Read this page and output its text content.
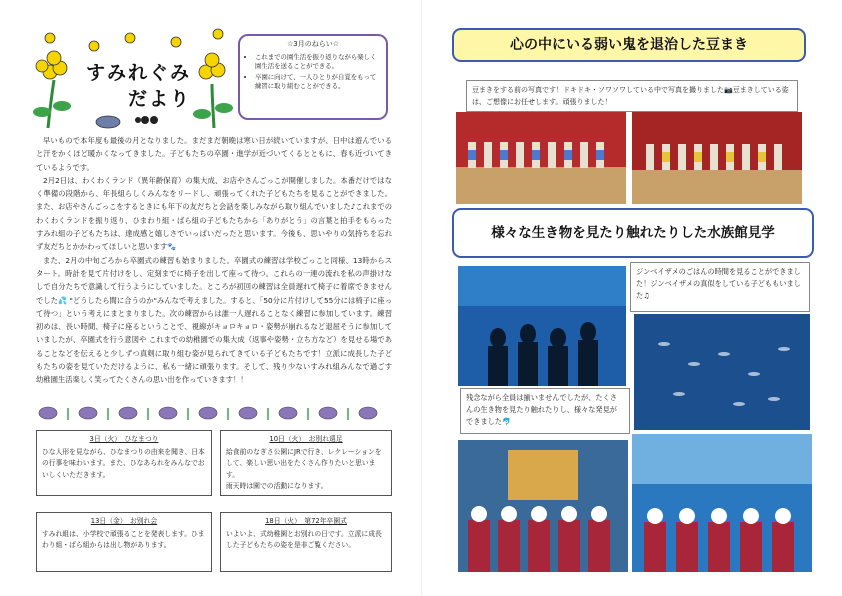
すみれぐみ
だより
☆3月のねらい☆
• これまでの園生活を振り返りながら楽しく園生活を送ることができる。
• 卒園に向けて、一人ひとりが自覚をもって練習に取り組むことができる。

早いもので本年度も最後の月となりました。まだまだ朝晩は寒い日が続いていますが、日中は遊んでいると汗をかくほど暖かくなってきました。子どもたちの卒園・進学が近づいてくるとともに、春も近づいてきているようです。

2月2日は、わくわくランド（異年齢保育）の集大成、お店やさんごっこが開催しました。本番だけではなく準備の段階から、年長組らしくみんなをリードし、頑張ってくれた子どもたちを見ることができました。また、お店やさんごっこをするときにも年下の友だちと会話を楽しみながら取り組んでいました♪これまでのわくわくランドを振り返り、ひまわり組・ばら組の子どもたちから「ありがとう」の言葉と拍手をもらったすみれ組の子どもたちは、達成感と嬉しさでいっぱいだったと思います。今後も、思いやりの気持ちを忘れず友だちとかかわってほしいと思います🐾

また、2月の中旬ごろから卒園式の練習も始まりました。卒園式の練習は学校ごっこと同様、13時からスタート。時計を見て片付けをし、定刻までに椅子を出して座って待つ。これらの一連の流れを私の声掛けなしで自分たちで意識して行うようにしていました。ところが初回の練習は全員遅れて椅子に着席できませんでした💦 "どうしたら間に合うのか"みんなで考えました。すると、「50分に片付けして55分には椅子に座って待つ」という考えにまとまりました。次の練習からは誰一人遅れることなく練習に参加しています。練習初めは、長い時間、椅子に座るということで、視線がキョロキョロ・姿勢が崩れるなど退屈そうに参加していましたが、卒園式を行う意図や これまでの幼稚園での集大成（返事や姿勢・立ち方など）を見せる場であることなどを伝えると少しずつ真剣に取り組む姿が見られてきている子どもたちです！立派に成長した子どもたちの姿を見ていただけるように、私も一緒に頑張ります。そして、残り少ないすみれ組みんなで過ごす幼稚園生活楽しく笑ってたくさんの思い出を作っていきます！！

3日（火）　ひなまつり
ひな人形を見ながら、ひなまつりの由来を聞き、日本の行事を味わいます。また、ひなあられをみんなでおいしくいただきます。
10日（火）　お別れ遠足
給食前のなぎさ公園にJRで行き、レクレーションをして、楽しい思い出をたくさん作りたいと思います。
雨天時は園での活動になります。
13日（金）　お別れ会
すみれ組は、小学校で頑張ることを発表します。ひまわり組・ばら組からは出し物があります。
18日（火）　第72年卒園式
いよいよ、式幼稚園とお別れの日です。立派に成長した子どもたちの姿を是非ご覧ください。
心の中にいる弱い鬼を退治した豆まき
豆まきをする前の写真です！ドキドキ・ソワソワしている中で写真を撮りました📷豆まきしている姿は、ご想像にお任せします。頑張りました！
様々な生き物を見たり触れたりした水族館見学
ジンベイザメのごはんの時間を見ることができました！ジンベイザメの真似をしている子どももいました♫
残念ながら全員は揃いませんでしたが、たくさんの生き物を見たり触れたりし、様々な発見ができました🐬
